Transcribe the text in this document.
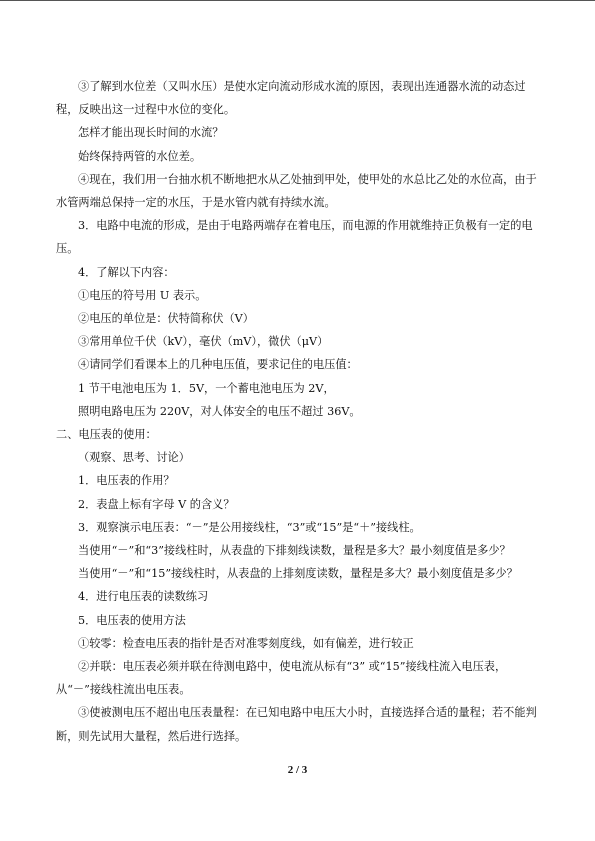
③了解到水位差（又叫水压）是使水定向流动形成水流的原因，表现出连通器水流的动态过程，反映出这一过程中水位的变化。

怎样才能出现长时间的水流？

始终保持两管的水位差。

④现在，我们用一台抽水机不断地把水从乙处抽到甲处，使甲处的水总比乙处的水位高，由于水管两端总保持一定的水压，于是水管内就有持续水流。

3．电路中电流的形成，是由于电路两端存在着电压，而电源的作用就维持正负极有一定的电压。

4．了解以下内容：

①电压的符号用 U 表示。

②电压的单位是：伏特简称伏（V）

③常用单位千伏（kV），毫伏（mV），微伏（μV）

④请同学们看课本上的几种电压值，要求记住的电压值：

1 节干电池电压为 1．5V，一个蓄电池电压为 2V，

照明电路电压为 220V，对人体安全的电压不超过 36V。

二、电压表的使用：

（观察、思考、讨论）

1．电压表的作用？

2．表盘上标有字母 V 的含义？

3．观察演示电压表：“－”是公用接线柱，“3”或“15”是“＋”接线柱。

当使用“－”和“3”接线柱时，从表盘的下排刻线读数，量程是多大？最小刻度值是多少？

当使用“－”和“15”接线柱时，从表盘的上排刻度读数，量程是多大？最小刻度值是多少？

4．进行电压表的读数练习

5．电压表的使用方法

①较零：检查电压表的指针是否对准零刻度线，如有偏差，进行较正

②并联：电压表必须并联在待测电路中，使电流从标有“3” 或“15”接线柱流入电压表，从“－”接线柱流出电压表。

③使被测电压不超出电压表量程：在已知电路中电压大小时，直接选择合适的量程；若不能判断，则先试用大量程，然后进行选择。

2 / 3
